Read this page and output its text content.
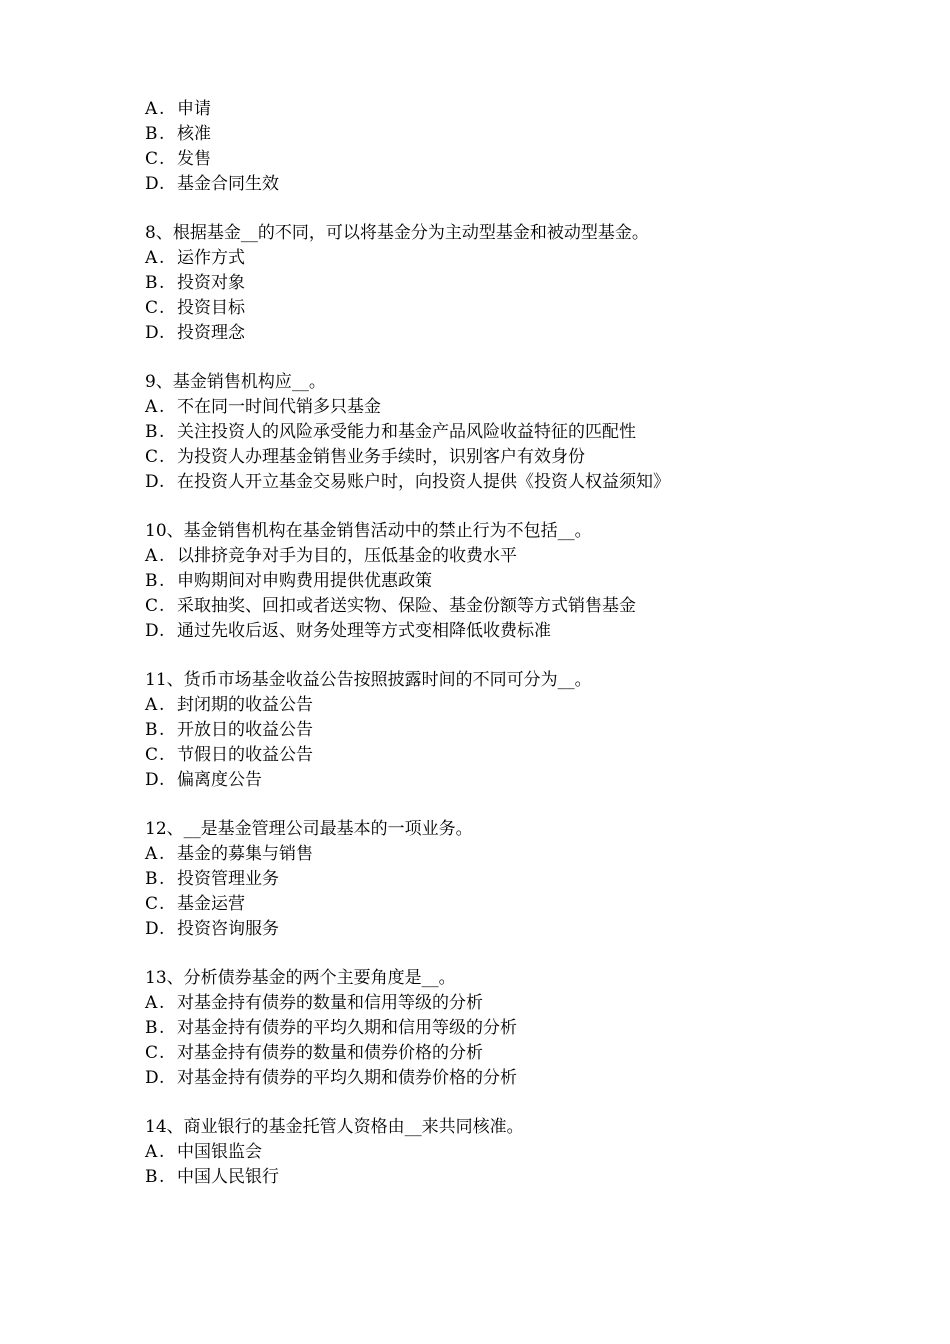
A . 申请
B. 核准
C. 发售
D. 基金合同生效
8、根据基金__的不同，可以将基金分为主动型基金和被动型基金。
A . 运作方式
B. 投资对象
C. 投资目标
D. 投资理念
9、基金销售机构应__。
A . 不在同一时间代销多只基金
B. 关注投资人的风险承受能力和基金产品风险收益特征的匹配性
C. 为投资人办理基金销售业务手续时，识别客户有效身份
D. 在投资人开立基金交易账户时，向投资人提供《投资人权益须知》
10、基金销售机构在基金销售活动中的禁止行为不包括__。
A . 以排挤竞争对手为目的，压低基金的收费水平
B. 申购期间对申购费用提供优惠政策
C. 采取抽奖、回扣或者送实物、保险、基金份额等方式销售基金
D. 通过先收后返、财务处理等方式变相降低收费标准
11、货币市场基金收益公告按照披露时间的不同可分为__。
A . 封闭期的收益公告
B. 开放日的收益公告
C. 节假日的收益公告
D. 偏离度公告
12、__是基金管理公司最基本的一项业务。
A . 基金的募集与销售
B. 投资管理业务
C. 基金运营
D. 投资咨询服务
13、分析债券基金的两个主要角度是__。
A . 对基金持有债券的数量和信用等级的分析
B. 对基金持有债券的平均久期和信用等级的分析
C. 对基金持有债券的数量和债券价格的分析
D. 对基金持有债券的平均久期和债券价格的分析
14、商业银行的基金托管人资格由__来共同核准。
A . 中国银监会
B. 中国人民银行
